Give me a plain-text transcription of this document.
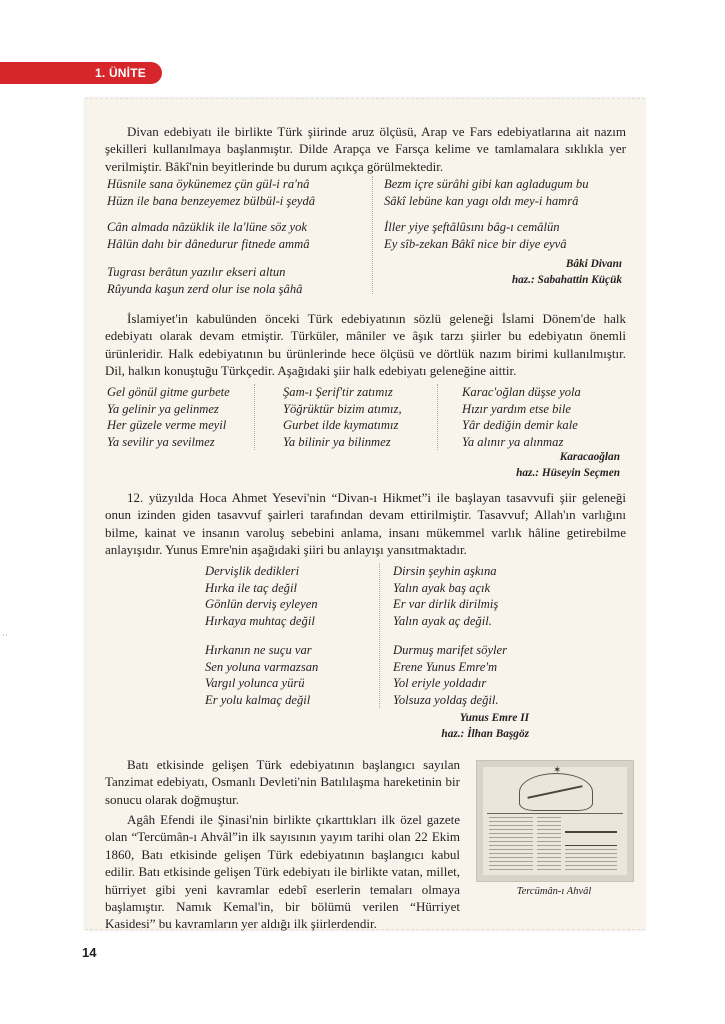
1. ÜNİTE

Divan edebiyatı ile birlikte Türk şiirinde aruz ölçüsü, Arap ve Fars edebiyatlarına ait nazım şekilleri kullanılmaya başlanmıştır. Dilde Arapça ve Farsça kelime ve tamlamalara sıklıkla yer verilmiştir. Bâkî'nin beyitlerinde bu durum açıkça görülmektedir.

Hüsnile sana öykünemez çün gül-i ra'nâ
Hüzn ile bana benzeyemez bülbül-i şeydâ
Cân almada nâzüklik ile la'lüne söz yok
Hâlün dahı bir dânedurur fitnede ammâ
Tugrası berâtun yazılır ekseri altun
Rûyunda kaşun zerd olur ise nola şâhâ
Bezm içre sürâhi gibi kan agladugum bu
Sâkî lebüne kan yagı oldı mey-i hamrâ
İller yiye şeftâlûsını bâg-ı cemâlün
Ey sîb-zekan Bâkî nice bir diye eyvâ
Bâki Divanı
haz.: Sabahattin Küçük

İslamiyet'in kabulünden önceki Türk edebiyatının sözlü geleneği İslami Dönem'de halk edebiyatı olarak devam etmiştir. Türküler, mâniler ve âşık tarzı şiirler bu edebiyatın önemli ürünleridir. Halk edebiyatının bu ürünlerinde hece ölçüsü ve dörtlük nazım birimi kullanılmıştır. Dil, halkın konuştuğu Türkçedir. Aşağıdaki şiir halk edebiyatı geleneğine aittir.

Gel gönül gitme gurbete
Ya gelinir ya gelinmez
Her güzele verme meyil
Ya sevilir ya sevilmez
Şam-ı Şerif'tir zatımız
Yöğrüktür bizim atımız,
Gurbet ilde kıymatımız
Ya bilinir ya bilinmez
Karac'oğlan düşse yola
Hızır yardım etse bile
Yâr dediğin demir kale
Ya alınır ya alınmaz
Karacaoğlan
haz.: Hüseyin Seçmen

12. yüzyılda Hoca Ahmet Yesevi'nin “Divan-ı Hikmet”i ile başlayan tasavvufi şiir geleneği onun izinden giden tasavvuf şairleri tarafından devam ettirilmiştir. Tasavvuf; Allah'ın varlığını bilme, kainat ve insanın varoluş sebebini anlama, insanı mükemmel varlık hâline getirebilme anlayışıdır. Yunus Emre'nin aşağıdaki şiiri bu anlayışı yansıtmaktadır.

Dervişlik dedikleri
Hırka ile taç değil
Gönlün derviş eyleyen
Hırkaya muhtaç değil
Hırkanın ne suçu var
Sen yoluna varmazsan
Vargıl yolunca yürü
Er yolu kalmaç değil
Dirsin şeyhin aşkına
Yalın ayak baş açık
Er var dirlik dirilmiş
Yalın ayak aç değil.
Durmuş marifet söyler
Erene Yunus Emre'm
Yol eriyle yoldadır
Yolsuza yoldaş değil.
Yunus Emre II
haz.: İlhan Başgöz

Batı etkisinde gelişen Türk edebiyatının başlangıcı sayılan Tanzimat edebiyatı, Osmanlı Devleti'nin Batılılaşma hareketinin bir sonucu olarak doğmuştur.

Agâh Efendi ile Şinasi'nin birlikte çıkarttıkları ilk özel gazete olan “Tercümân-ı Ahvâl”in ilk sayısının yayım tarihi olan 22 Ekim 1860, Batı etkisinde gelişen Türk edebiyatının başlangıcı kabul edilir. Batı etkisinde gelişen Türk edebiyatı ile birlikte vatan, millet, hürriyet gibi yeni kavramlar edebî eserlerin temaları olmaya başlamıştır. Namık Kemal'in, bir bölümü verilen “Hürriyet Kasidesi” bu kavramların yer aldığı ilk şiirlerdendir.

✶
Tercümân-ı Ahvâl
14
··
